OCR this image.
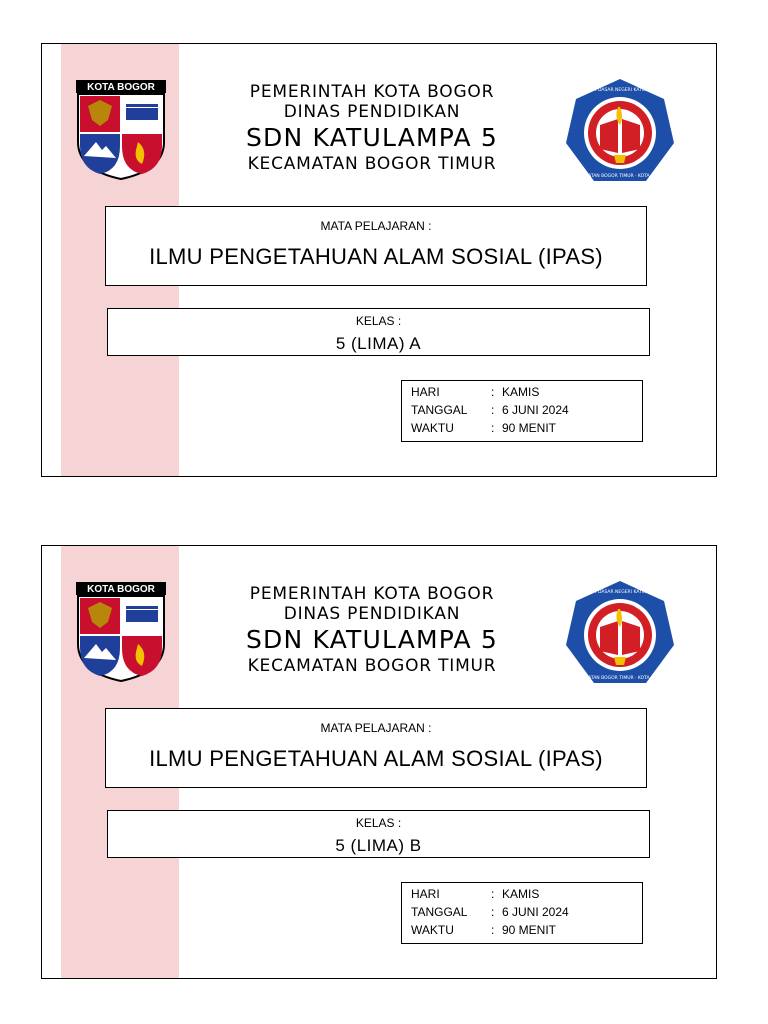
KOTA BOGOR	PEMERINTAH KOTA BOGOR
DINAS PENDIDIKAN
SDN KATULAMPA 5
KECAMATAN BOGOR TIMUR
SEKOLAH DASAR NEGERI KATULAMPA 5
KECAMATAN BOGOR TIMUR · KOTA BOGOR
MATA PELAJARAN :
ILMU PENGETAHUAN ALAM SOSIAL (IPAS)
KELAS :
5 (LIMA) A
HARI	: KAMIS
TANGGAL : 6 JUNI 2024
WAKTU	: 90 MENIT
KOTA BOGOR	PEMERINTAH KOTA BOGOR
DINAS PENDIDIKAN
SDN KATULAMPA 5
KECAMATAN BOGOR TIMUR
SEKOLAH DASAR NEGERI KATULAMPA 5
KECAMATAN BOGOR TIMUR · KOTA BOGOR
MATA PELAJARAN :
ILMU PENGETAHUAN ALAM SOSIAL (IPAS)
KELAS :
5 (LIMA) B
HARI	: KAMIS
TANGGAL : 6 JUNI 2024
WAKTU	: 90 MENIT
